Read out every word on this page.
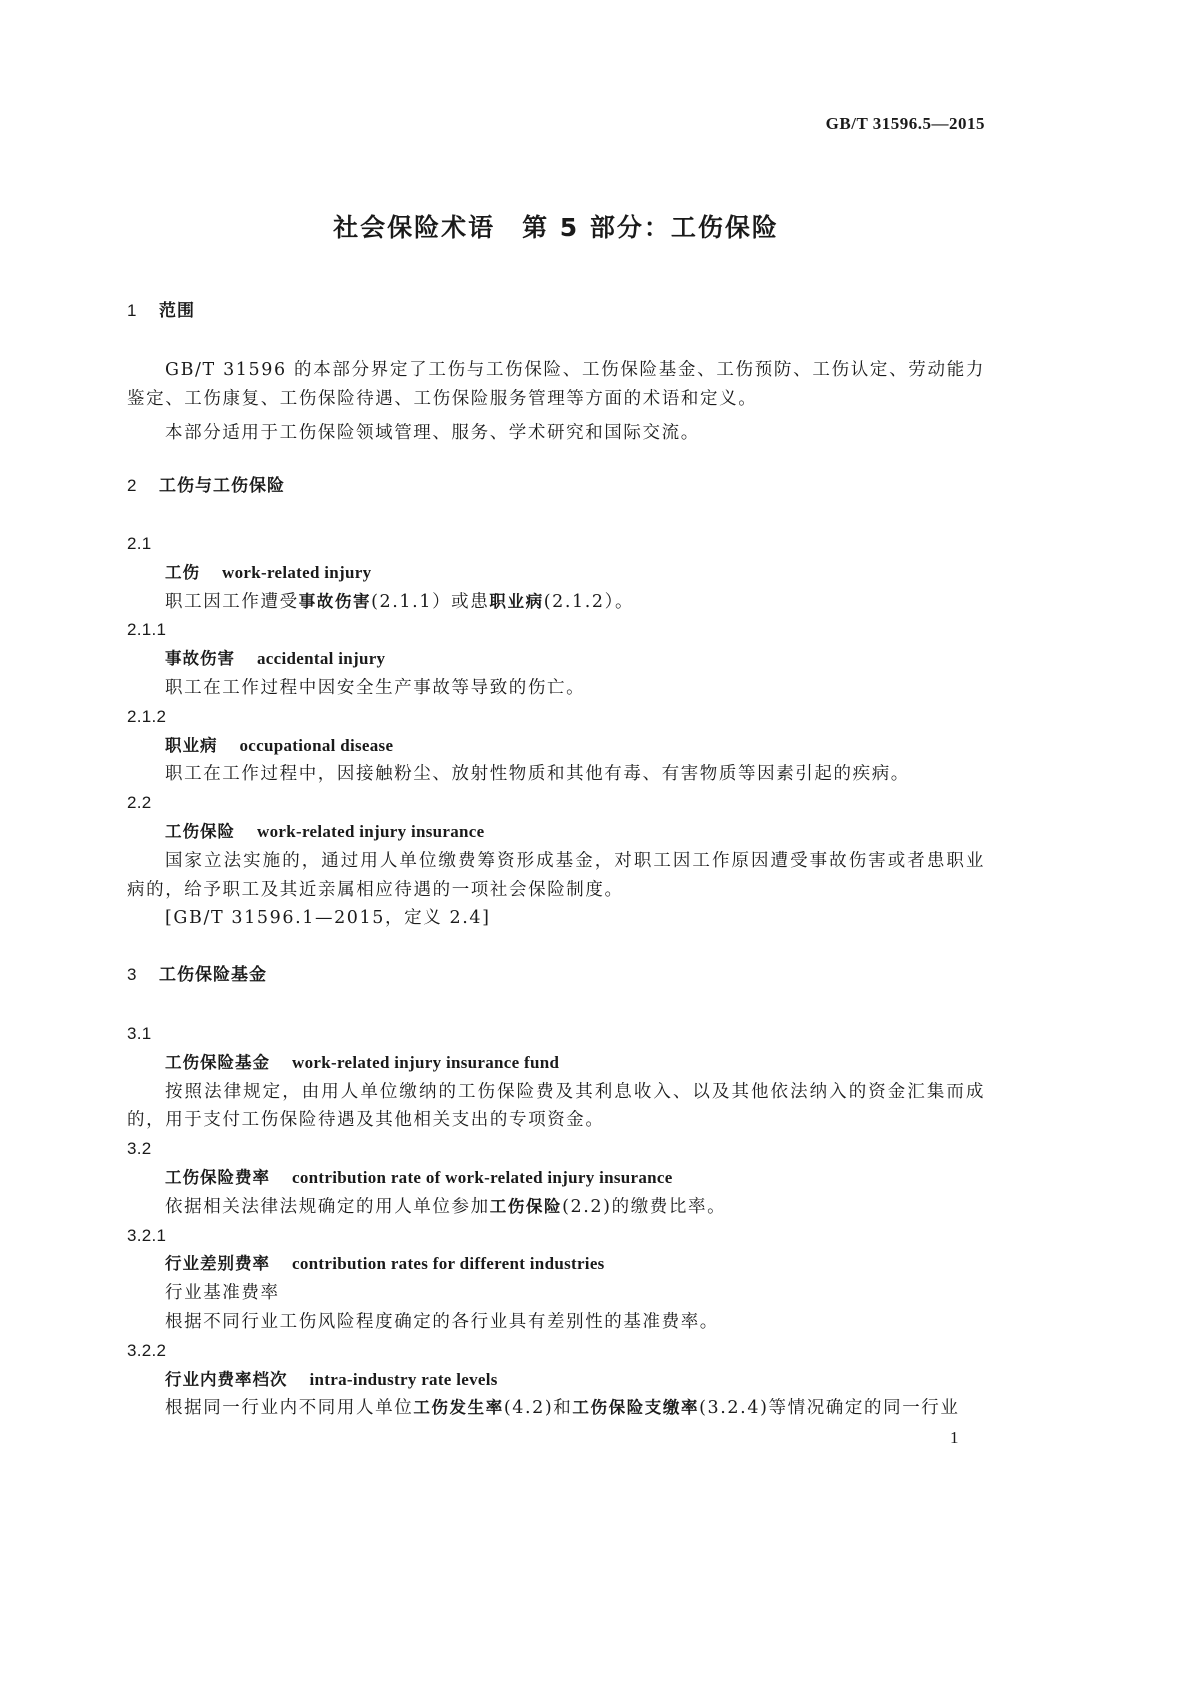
GB/T 31596.5—2015
社会保险术语　第 5 部分：工伤保险
1 范围
GB/T 31596 的本部分界定了工伤与工伤保险、工伤保险基金、工伤预防、工伤认定、劳动能力鉴定、工伤康复、工伤保险待遇、工伤保险服务管理等方面的术语和定义。
本部分适用于工伤保险领域管理、服务、学术研究和国际交流。
2 工伤与工伤保险
2.1
工伤 work-related injury
职工因工作遭受事故伤害(2.1.1）或患职业病(2.1.2）。
2.1.1
事故伤害 accidental injury
职工在工作过程中因安全生产事故等导致的伤亡。
2.1.2
职业病 occupational disease
职工在工作过程中，因接触粉尘、放射性物质和其他有毒、有害物质等因素引起的疾病。
2.2
工伤保险 work-related injury insurance
国家立法实施的，通过用人单位缴费筹资形成基金，对职工因工作原因遭受事故伤害或者患职业病的，给予职工及其近亲属相应待遇的一项社会保险制度。
[GB/T 31596.1—2015，定义 2.4]
3 工伤保险基金
3.1
工伤保险基金 work-related injury insurance fund
按照法律规定，由用人单位缴纳的工伤保险费及其利息收入、以及其他依法纳入的资金汇集而成的，用于支付工伤保险待遇及其他相关支出的专项资金。
3.2
工伤保险费率 contribution rate of work-related injury insurance
依据相关法律法规确定的用人单位参加工伤保险(2.2)的缴费比率。
3.2.1
行业差别费率 contribution rates for different industries
行业基准费率
根据不同行业工伤风险程度确定的各行业具有差别性的基准费率。
3.2.2
行业内费率档次 intra-industry rate levels
根据同一行业内不同用人单位工伤发生率(4.2)和工伤保险支缴率(3.2.4)等情况确定的同一行业
1
